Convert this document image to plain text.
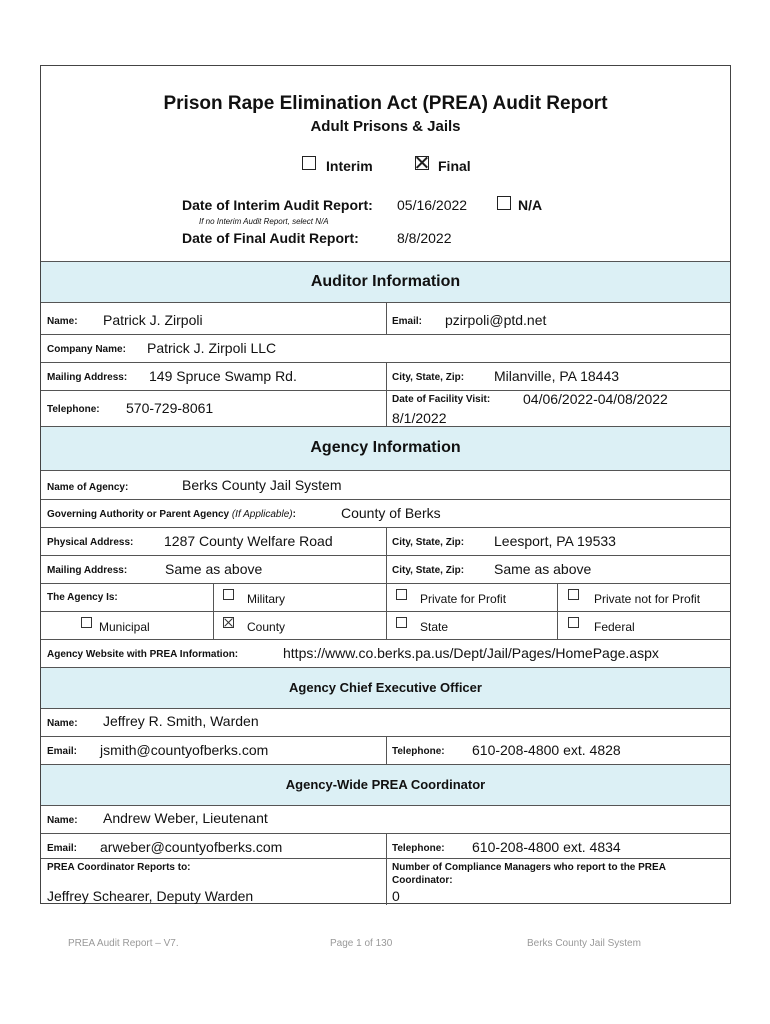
Prison Rape Elimination Act (PREA) Audit Report
Adult Prisons & Jails
Interim	Final
Date of Interim Audit Report: 05/16/2022	N/A
If no Interim Audit Report, select N/A
Date of Final Audit Report:	8/8/2022
Auditor Information
Name: Patrick J. Zirpoli	Email: pzirpoli@ptd.net
Company Name: Patrick J. Zirpoli LLC
Mailing Address: 149 Spruce Swamp Rd.	City, State, Zip: Milanville, PA 18443
Telephone: 570-729-8061
Date of Facility Visit: 04/06/2022-04/08/2022
8/1/2022
Agency Information
Name of Agency:	Berks County Jail System
Governing Authority or Parent Agency (If Applicable):	County of Berks
Physical Address: 1287 County Welfare Road	City, State, Zip: Leesport, PA 19533
Mailing Address:	Same as above	City, State, Zip: Same as above
The Agency Is:	Military	Private for Profit	Private not for Profit
Municipal	County	State	Federal
Agency Website with PREA Information:	https://www.co.berks.pa.us/Dept/Jail/Pages/HomePage.aspx
Agency Chief Executive Officer
Name: Jeffrey R. Smith, Warden
Email: jsmith@countyofberks.com	Telephone: 610-208-4800 ext. 4828
Agency-Wide PREA Coordinator
Name: Andrew Weber, Lieutenant
Email: arweber@countyofberks.com	Telephone: 610-208-4800 ext. 4834
PREA Coordinator Reports to:
Jeffrey Schearer, Deputy Warden
Number of Compliance Managers who report to the PREA
Coordinator:
0
PREA Audit Report – V7.	Page 1 of 130	Berks County Jail System
